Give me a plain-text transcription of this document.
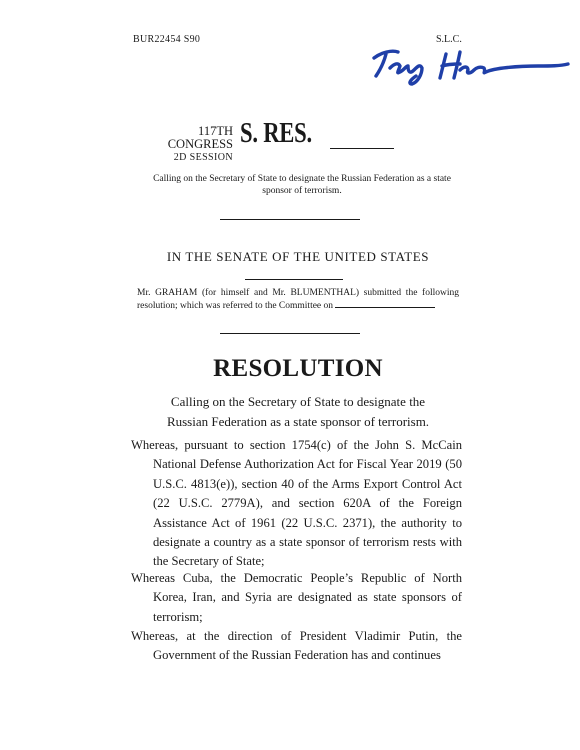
BUR22454 S90	S.L.C.
117TH CONGRESS
2D SESSION
S. RES.
Calling on the Secretary of State to designate the Russian Federation as a state sponsor of terrorism.
IN THE SENATE OF THE UNITED STATES
Mr. GRAHAM (for himself and Mr. BLUMENTHAL) submitted the following resolution; which was referred to the Committee on
RESOLUTION
Calling on the Secretary of State to designate the Russian Federation as a state sponsor of terrorism.
Whereas, pursuant to section 1754(c) of the John S. McCain National Defense Authorization Act for Fiscal Year 2019 (50 U.S.C. 4813(e)), section 40 of the Arms Export Control Act (22 U.S.C. 2779A), and section 620A of the Foreign Assistance Act of 1961 (22 U.S.C. 2371), the authority to designate a country as a state sponsor of terrorism rests with the Secretary of State;
Whereas Cuba, the Democratic People’s Republic of North Korea, Iran, and Syria are designated as state sponsors of terrorism;
Whereas, at the direction of President Vladimir Putin, the Government of the Russian Federation has and continues
